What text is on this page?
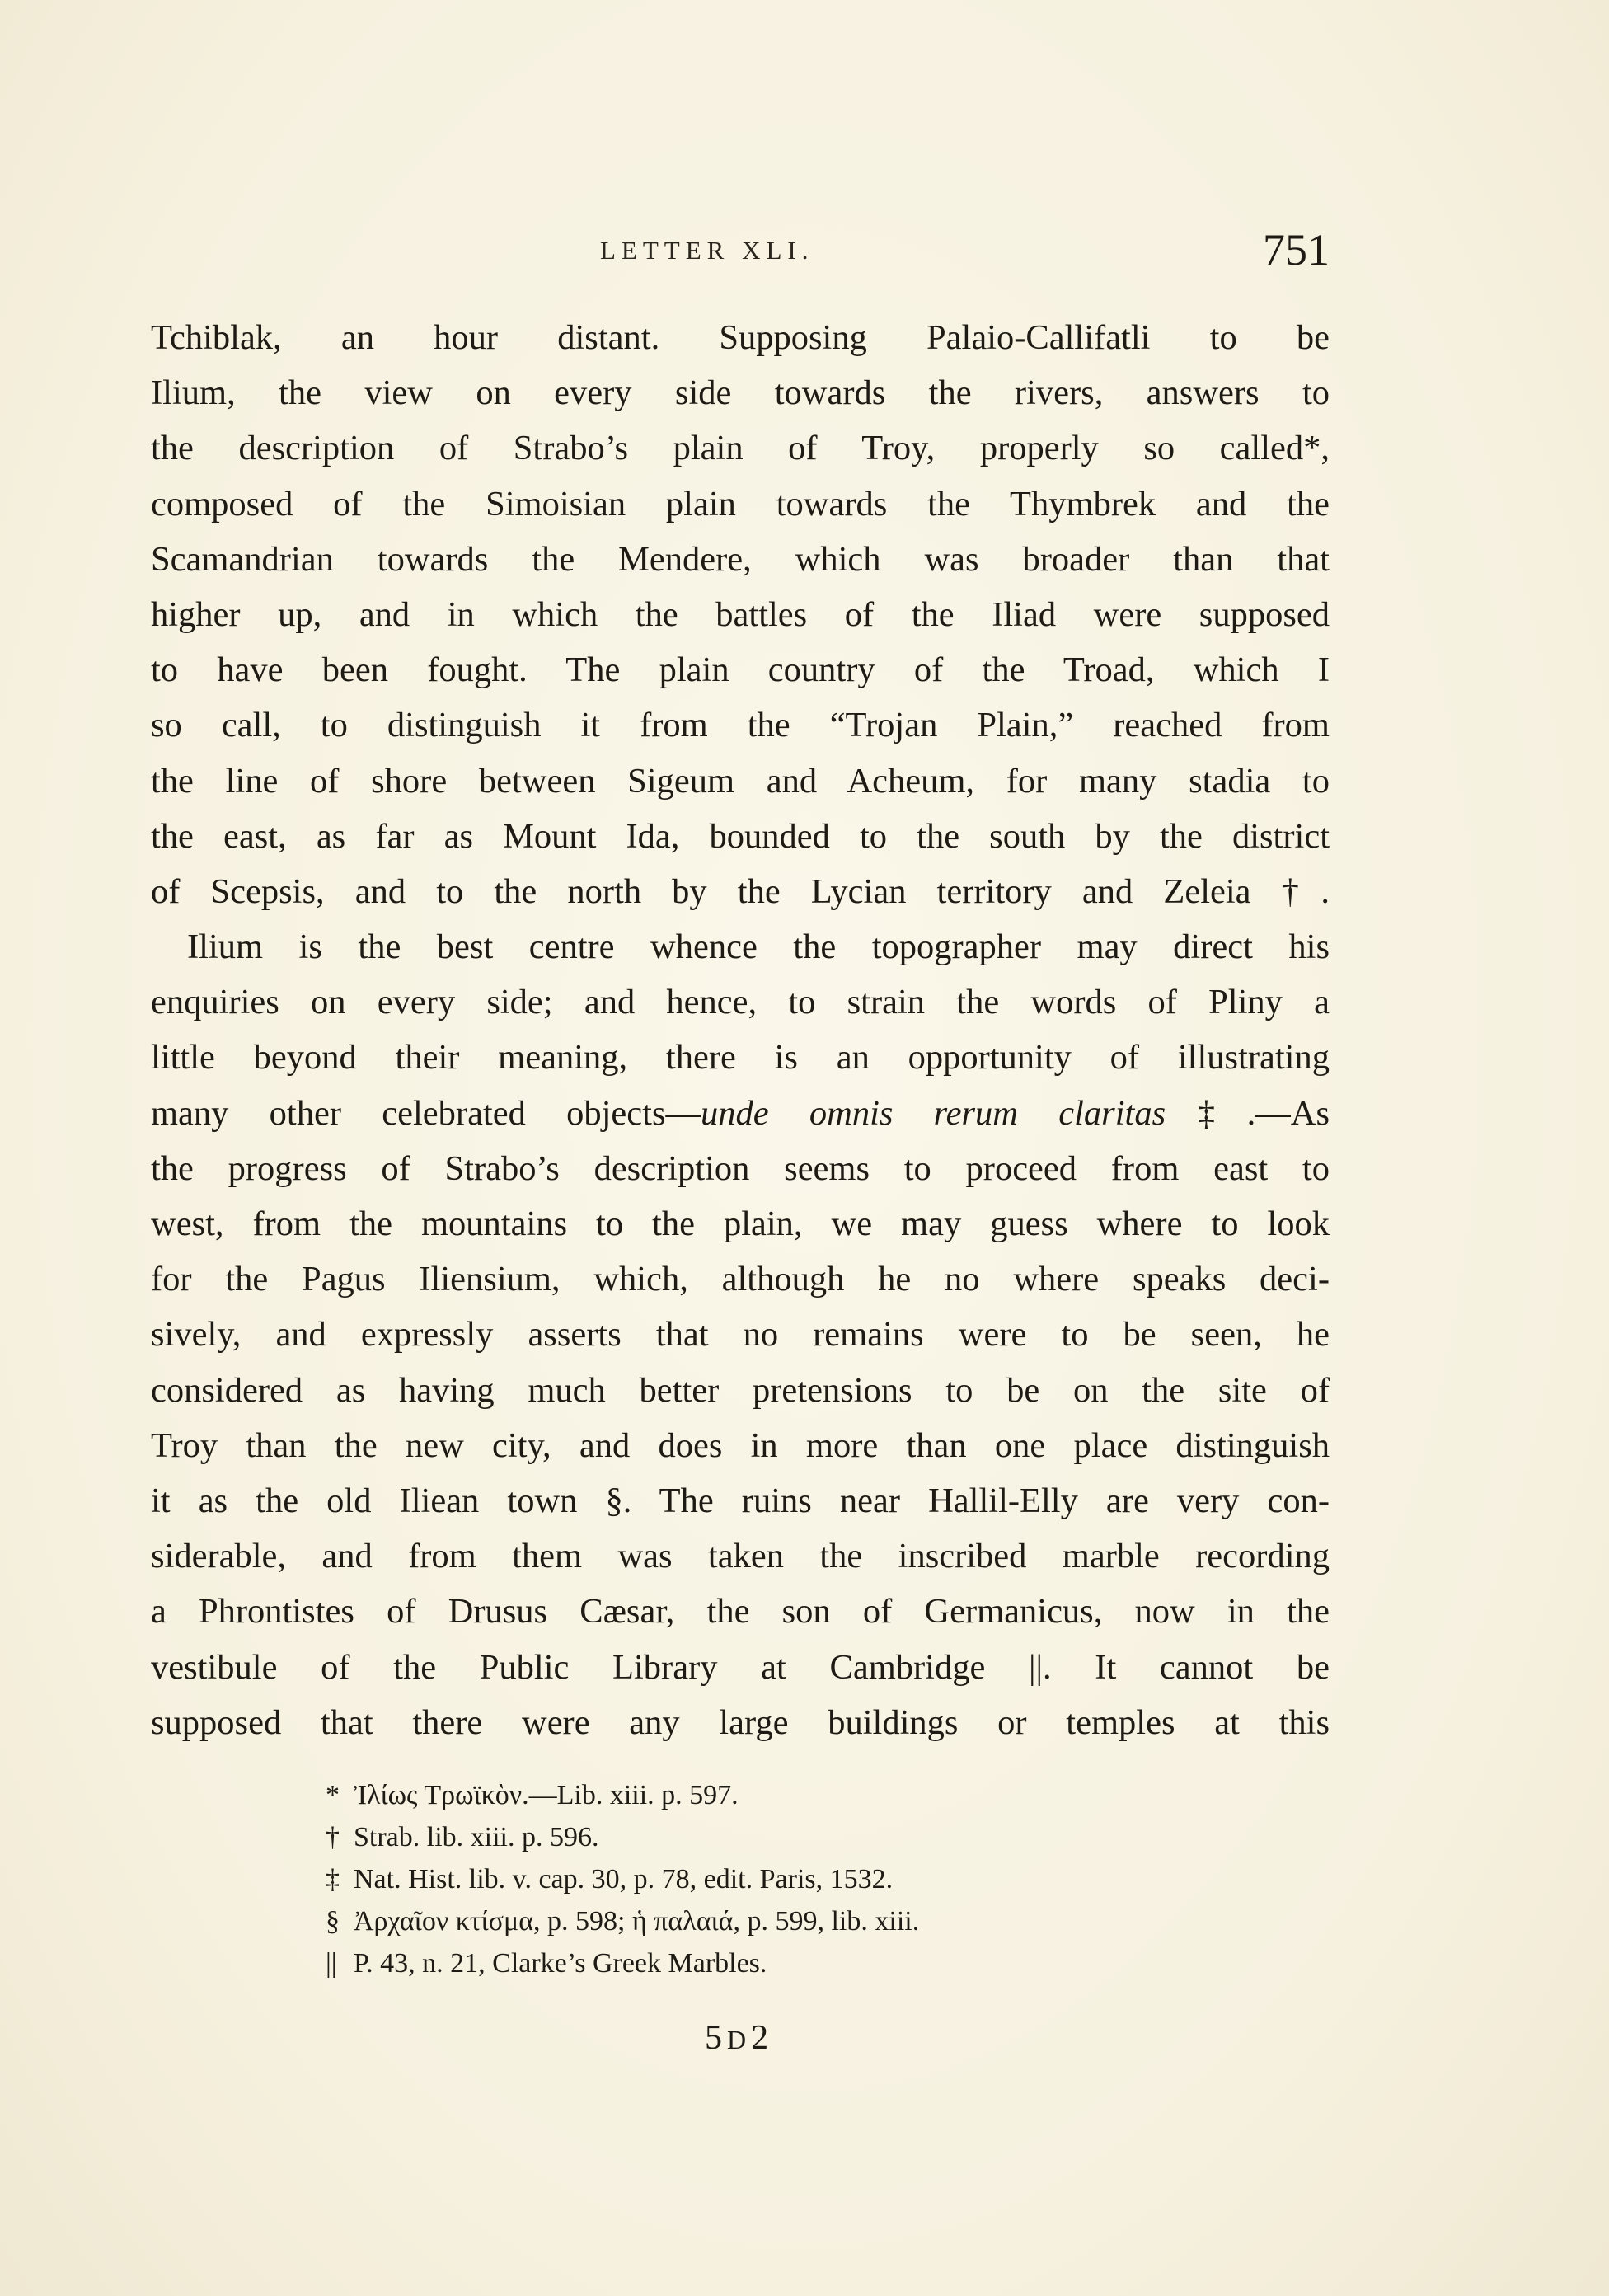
LETTER XLI.	751
Tchiblak, an hour distant. Supposing Palaio-Callifatli to be
Ilium, the view on every side towards the rivers, answers to
the description of Strabo’s plain of Troy, properly so called*,
composed of the Simoisian plain towards the Thymbrek and the
Scamandrian towards the Mendere, which was broader than that
higher up, and in which the battles of the Iliad were supposed
to have been fought. The plain country of the Troad, which I
so call, to distinguish it from the “Trojan Plain,” reached from
the line of shore between Sigeum and Acheum, for many stadia to
the east, as far as Mount Ida, bounded to the south by the district
of Scepsis, and to the north by the Lycian territory and Zeleia †.
Ilium is the best centre whence the topographer may direct his
enquiries on every side; and hence, to strain the words of Pliny a
little beyond their meaning, there is an opportunity of illustrating
many other celebrated objects—unde omnis rerum claritas‡.—As
the progress of Strabo’s description seems to proceed from east to
west, from the mountains to the plain, we may guess where to look
for the Pagus Iliensium, which, although he no where speaks deci-
sively, and expressly asserts that no remains were to be seen, he
considered as having much better pretensions to be on the site of
Troy than the new city, and does in more than one place distinguish
it as the old Iliean town §. The ruins near Hallil-Elly are very con-
siderable, and from them was taken the inscribed marble recording
a Phrontistes of Drusus Cæsar, the son of Germanicus, now in the
vestibule of the Public Library at Cambridge ||. It cannot be
supposed that there were any large buildings or temples at this
* Ἰλίως Τρωϊκὸν.—Lib. xiii. p. 597.
† Strab. lib. xiii. p. 596.
‡ Nat. Hist. lib. v. cap. 30, p. 78, edit. Paris, 1532.
§ Ἀρχαῖον κτίσμα, p. 598; ἡ παλαιά, p. 599, lib. xiii.
|| P. 43, n. 21, Clarke’s Greek Marbles.
5D2
